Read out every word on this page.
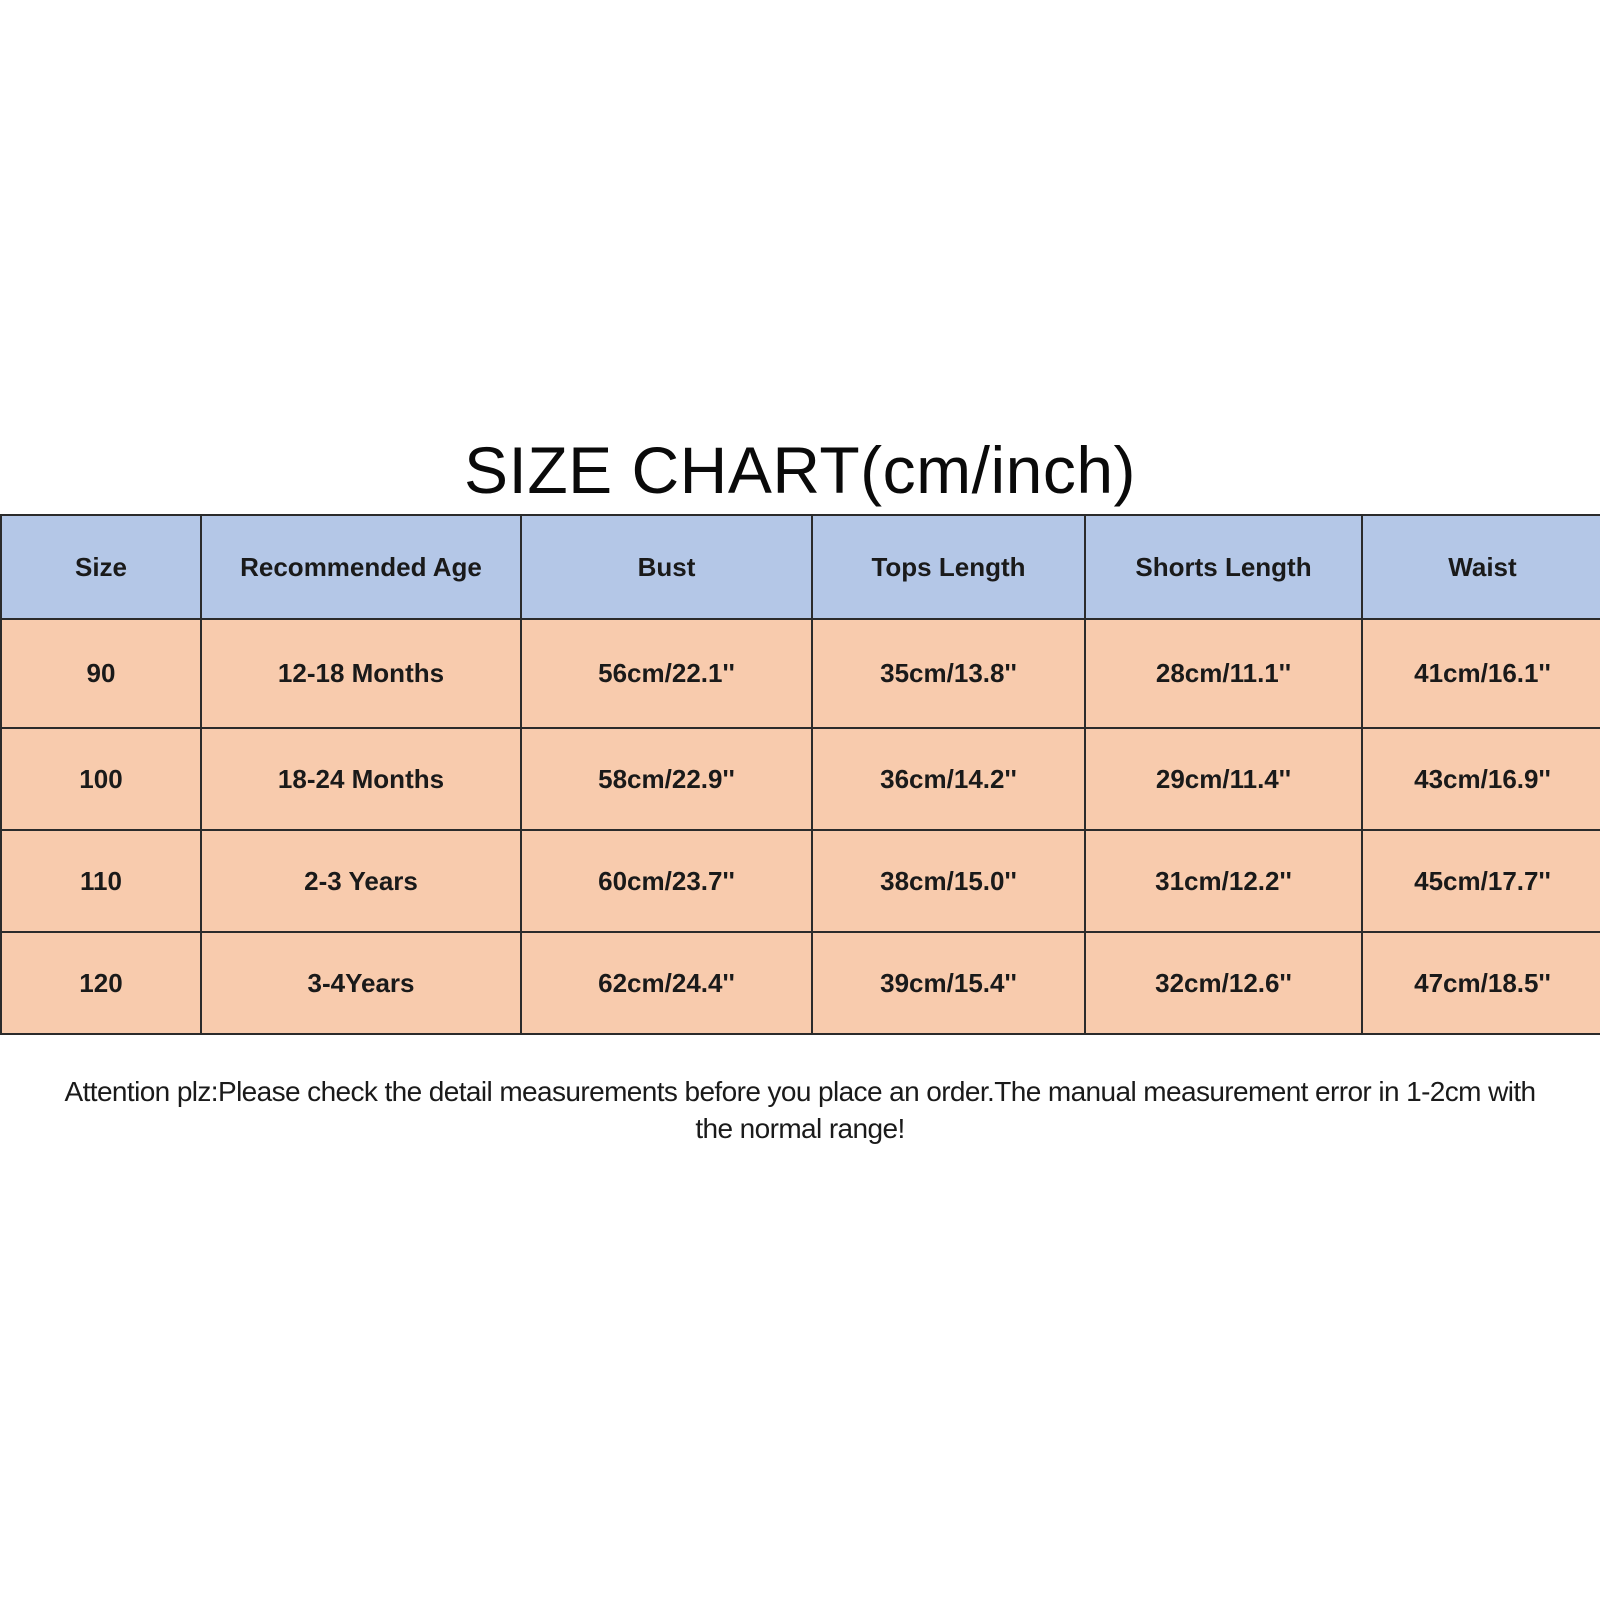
SIZE CHART(cm/inch)
Size	Recommended Age	Bust	Tops Length	Shorts Length	Waist
90	12-18 Months	56cm/22.1''	35cm/13.8''	28cm/11.1''	41cm/16.1''
100	18-24 Months	58cm/22.9''	36cm/14.2''	29cm/11.4''	43cm/16.9''
110	2-3 Years	60cm/23.7''	38cm/15.0''	31cm/12.2''	45cm/17.7''
120	3-4Years	62cm/24.4''	39cm/15.4''	32cm/12.6''	47cm/18.5''
Attention plz:Please check the detail measurements before you place an order.The manual measurement error in 1-2cm with
the normal range!
